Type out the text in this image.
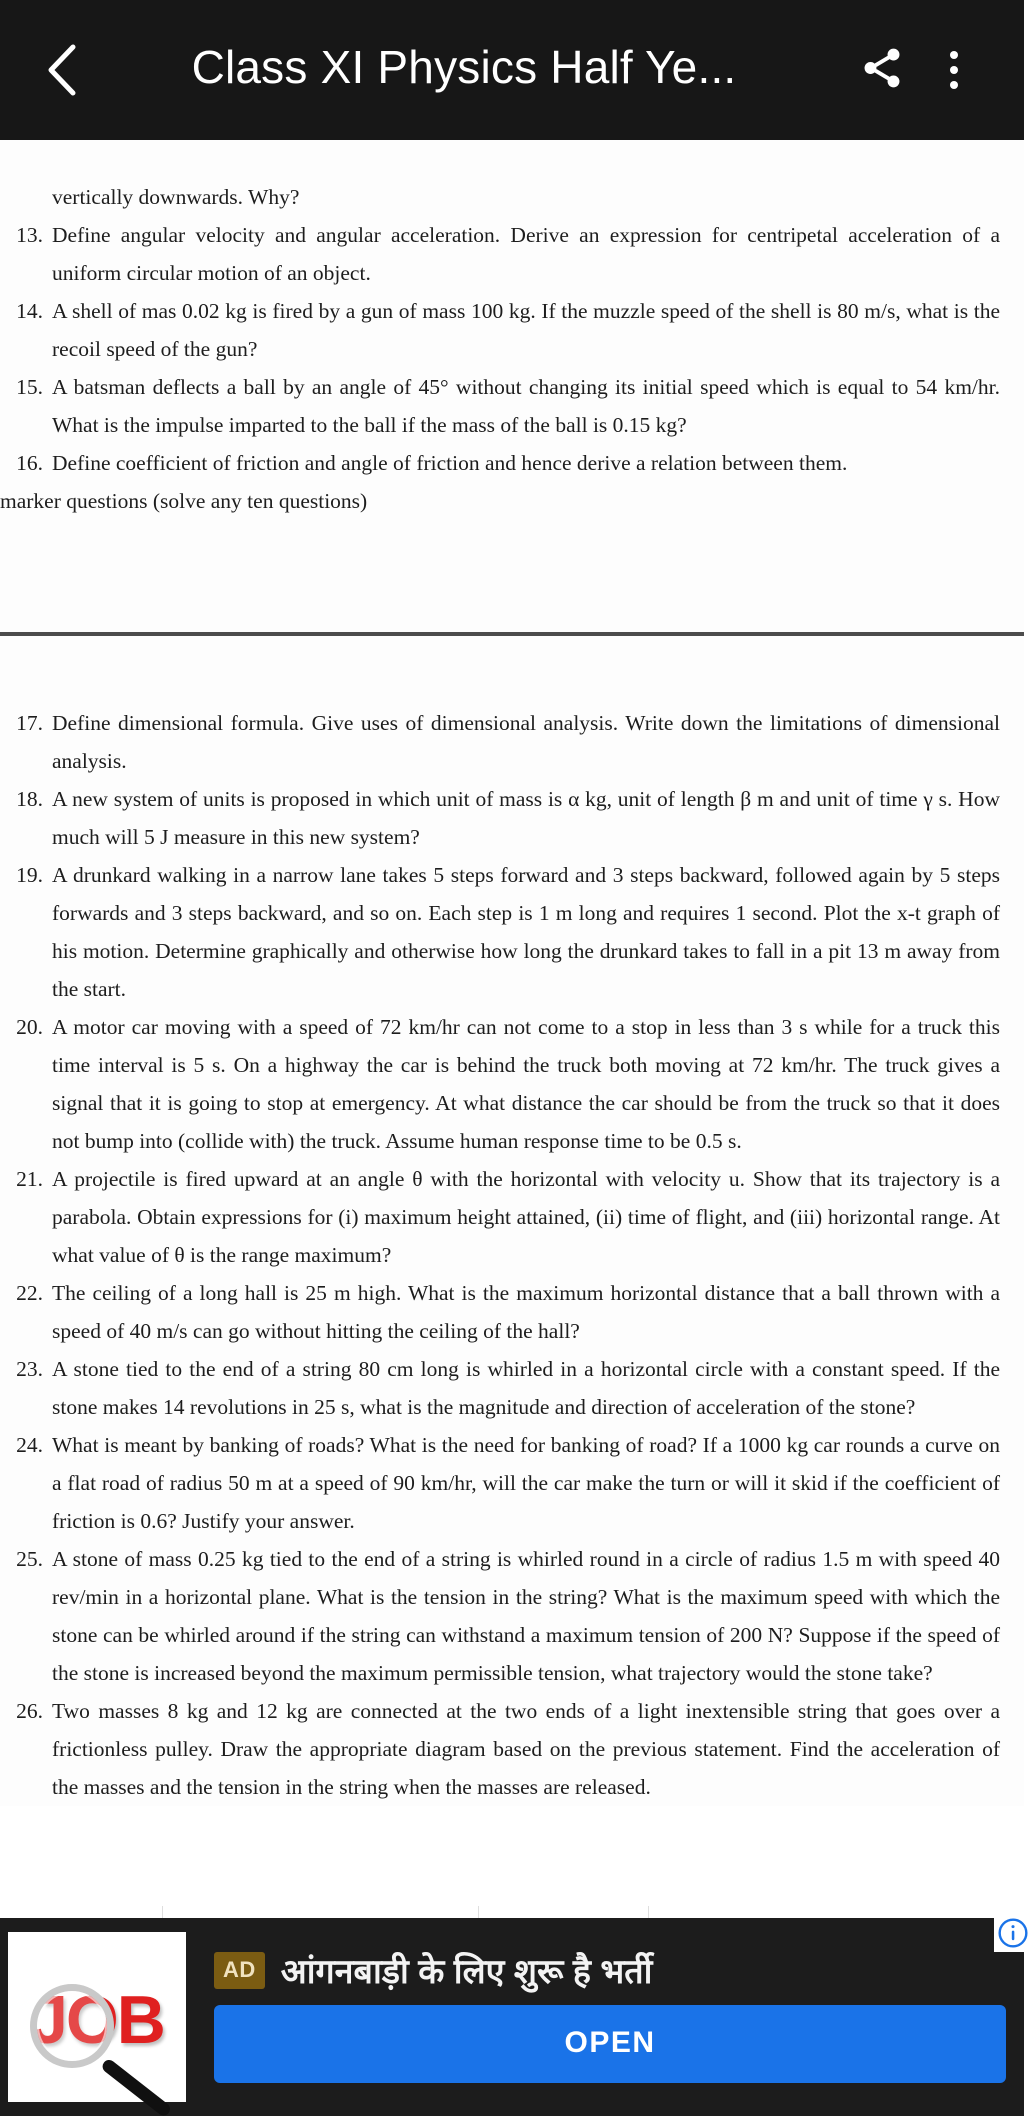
Class XI Physics Half Ye...
vertically downwards. Why?
13. Define angular velocity and angular acceleration. Derive an expression for centripetal acceleration of a uniform circular motion of an object.
14. A shell of mas 0.02 kg is fired by a gun of mass 100 kg. If the muzzle speed of the shell is 80 m/s, what is the recoil speed of the gun?
15. A batsman deflects a ball by an angle of 45° without changing its initial speed which is equal to 54 km/hr. What is the impulse imparted to the ball if the mass of the ball is 0.15 kg?
16. Define coefficient of friction and angle of friction and hence derive a relation between them.
marker questions (solve any ten questions)
17. Define dimensional formula. Give uses of dimensional analysis. Write down the limitations of dimensional analysis.
18. A new system of units is proposed in which unit of mass is α kg, unit of length β m and unit of time γ s. How much will 5 J measure in this new system?
19. A drunkard walking in a narrow lane takes 5 steps forward and 3 steps backward, followed again by 5 steps forwards and 3 steps backward, and so on. Each step is 1 m long and requires 1 second. Plot the x-t graph of his motion. Determine graphically and otherwise how long the drunkard takes to fall in a pit 13 m away from the start.
20. A motor car moving with a speed of 72 km/hr can not come to a stop in less than 3 s while for a truck this time interval is 5 s. On a highway the car is behind the truck both moving at 72 km/hr. The truck gives a signal that it is going to stop at emergency. At what distance the car should be from the truck so that it does not bump into (collide with) the truck. Assume human response time to be 0.5 s.
21. A projectile is fired upward at an angle θ with the horizontal with velocity u. Show that its trajectory is a parabola. Obtain expressions for (i) maximum height attained, (ii) time of flight, and (iii) horizontal range. At what value of θ is the range maximum?
22. The ceiling of a long hall is 25 m high. What is the maximum horizontal distance that a ball thrown with a speed of 40 m/s can go without hitting the ceiling of the hall?
23. A stone tied to the end of a string 80 cm long is whirled in a horizontal circle with a constant speed. If the stone makes 14 revolutions in 25 s, what is the magnitude and direction of acceleration of the stone?
24. What is meant by banking of roads? What is the need for banking of road? If a 1000 kg car rounds a curve on a flat road of radius 50 m at a speed of 90 km/hr, will the car make the turn or will it skid if the coefficient of friction is 0.6? Justify your answer.
25. A stone of mass 0.25 kg tied to the end of a string is whirled round in a circle of radius 1.5 m with speed 40 rev/min in a horizontal plane. What is the tension in the string? What is the maximum speed with which the stone can be whirled around if the string can withstand a maximum tension of 200 N? Suppose if the speed of the stone is increased beyond the maximum permissible tension, what trajectory would the stone take?
26. Two masses 8 kg and 12 kg are connected at the two ends of a light inextensible string that goes over a frictionless pulley. Draw the appropriate diagram based on the previous statement. Find the acceleration of the masses and the tension in the string when the masses are released.
JOB
AD आंगनबाड़ी के लिए शुरू है भर्ती
OPEN
